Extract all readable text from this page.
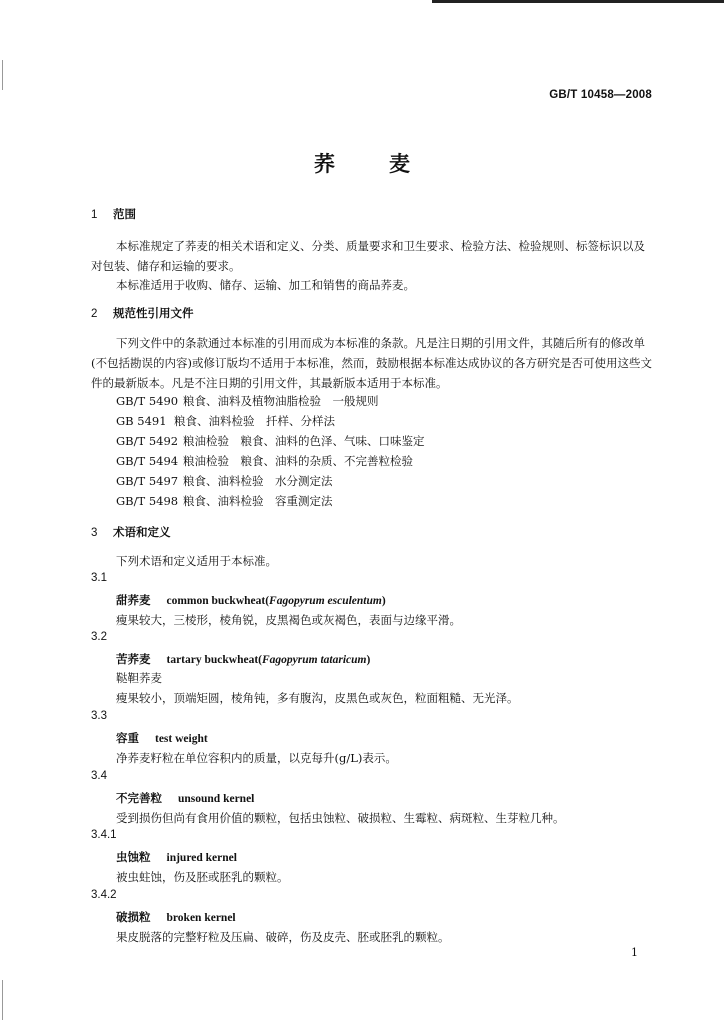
GB/T 10458—2008
荞麦
1 范围
本标准规定了荞麦的相关术语和定义、分类、质量要求和卫生要求、检验方法、检验规则、标签标识以及对包装、储存和运输的要求。
本标准适用于收购、储存、运输、加工和销售的商品荞麦。
2 规范性引用文件
下列文件中的条款通过本标准的引用而成为本标准的条款。凡是注日期的引用文件，其随后所有的修改单(不包括勘误的内容)或修订版均不适用于本标准，然而，鼓励根据本标准达成协议的各方研究是否可使用这些文件的最新版本。凡是不注日期的引用文件，其最新版本适用于本标准。
GB/T 5490 粮食、油料及植物油脂检验　一般规则
GB 5491 粮食、油料检验　扦样、分样法
GB/T 5492 粮油检验　粮食、油料的色泽、气味、口味鉴定
GB/T 5494 粮油检验　粮食、油料的杂质、不完善粒检验
GB/T 5497 粮食、油料检验　水分测定法
GB/T 5498 粮食、油料检验　容重测定法
3 术语和定义
下列术语和定义适用于本标准。
3.1
甜荞麦 common buckwheat(Fagopyrum esculentum)
瘦果较大，三棱形，棱角锐，皮黑褐色或灰褐色，表面与边缘平滑。
3.2
苦荞麦 tartary buckwheat(Fagopyrum tataricum)
鞑靼荞麦
瘦果较小，顶端矩圆，棱角钝，多有腹沟，皮黑色或灰色，粒面粗糙、无光泽。
3.3
容重 test weight
净荞麦籽粒在单位容积内的质量，以克每升(g/L)表示。
3.4
不完善粒 unsound kernel
受到损伤但尚有食用价值的颗粒，包括虫蚀粒、破损粒、生霉粒、病斑粒、生芽粒几种。
3.4.1
虫蚀粒 injured kernel
被虫蛀蚀，伤及胚或胚乳的颗粒。
3.4.2
破损粒 broken kernel
果皮脱落的完整籽粒及压扁、破碎，伤及皮壳、胚或胚乳的颗粒。
1
